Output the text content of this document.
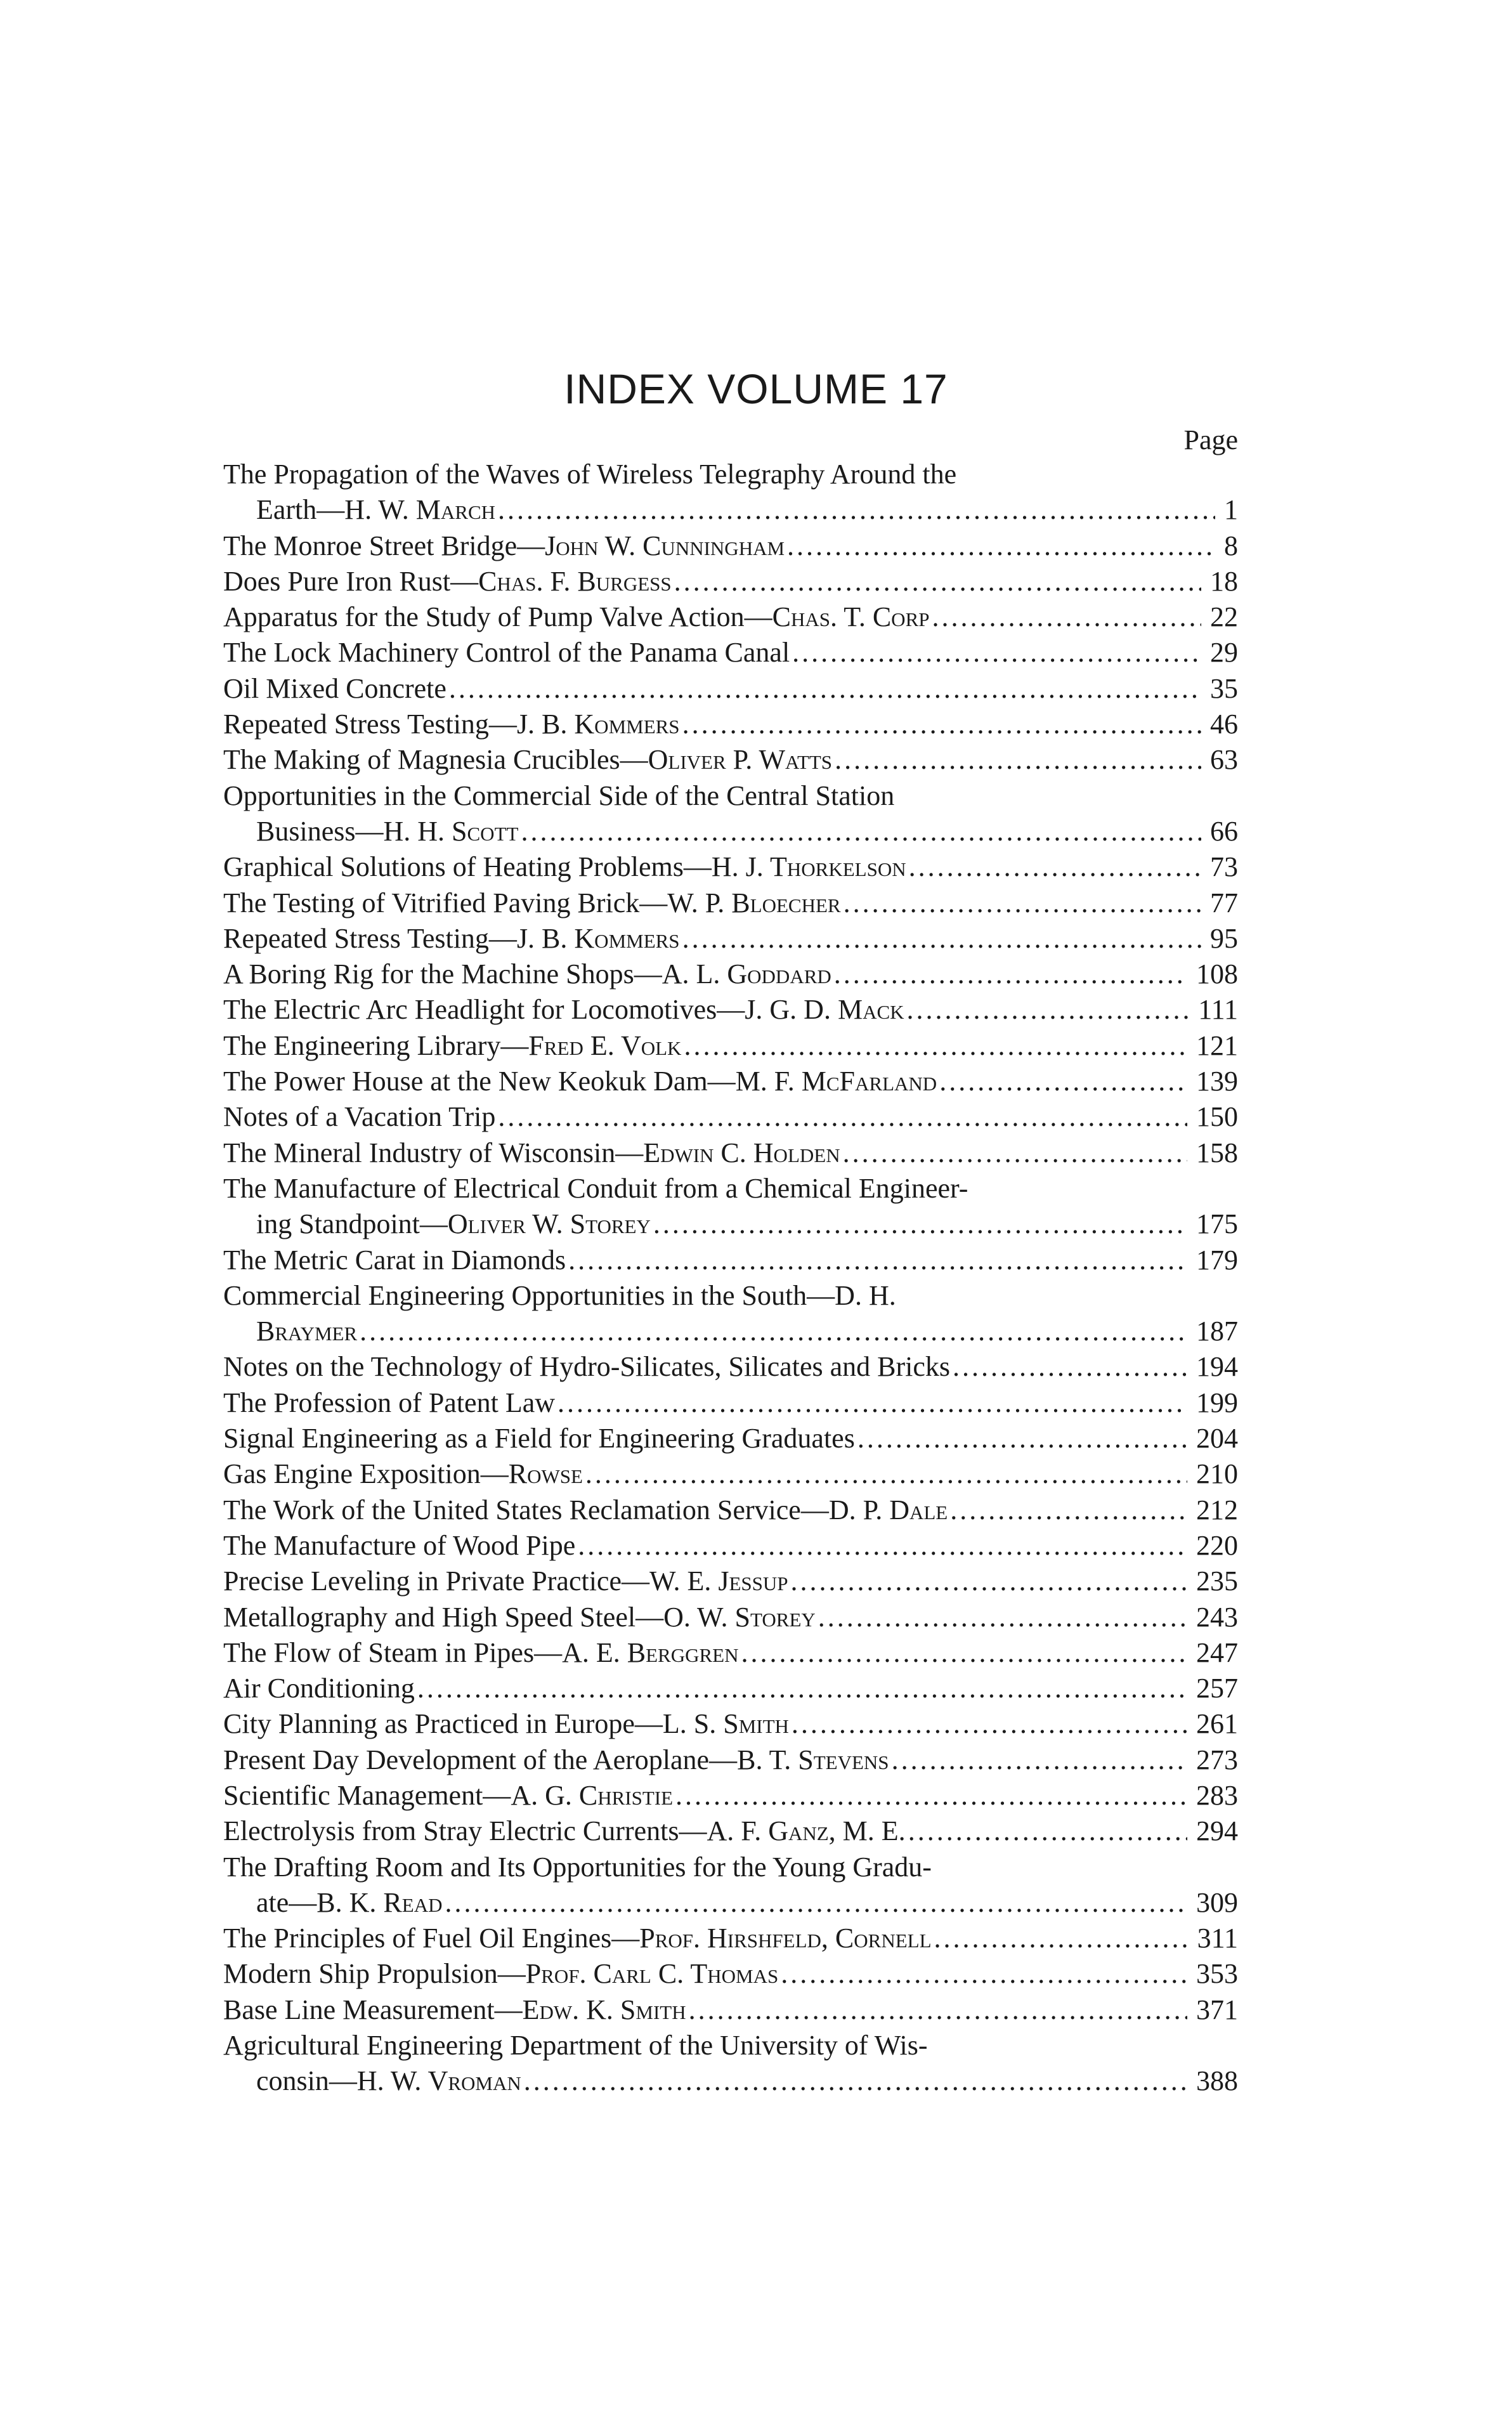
INDEX VOLUME 17
Page
The Propagation of the Waves of Wireless Telegraphy Around the
Earth— H. W. March .....	1
The Monroe Street Bridge— John W. Cunningham .....	8
Does Pure Iron Rust— Chas. F. Burgess .....	18
Apparatus for the Study of Pump Valve Action— Chas. T. Corp .....	22
The Lock Machinery Control of the Panama Canal .....	29
Oil Mixed Concrete .....	35
Repeated Stress Testing— J. B. Kommers .....	46
The Making of Magnesia Crucibles— Oliver P. Watts .....	63
Opportunities in the Commercial Side of the Central Station
Business— H. H. Scott .....	66
Graphical Solutions of Heating Problems— H. J. Thorkelson .....	73
The Testing of Vitrified Paving Brick— W. P. Bloecher .....	77
Repeated Stress Testing— J. B. Kommers .....	95
A Boring Rig for the Machine Shops— A. L. Goddard .....	108
The Electric Arc Headlight for Locomotives— J. G. D. Mack .....	111
The Engineering Library— Fred E. Volk .....	121
The Power House at the New Keokuk Dam— M. F. McFarland .....	139
Notes of a Vacation Trip .....	150
The Mineral Industry of Wisconsin— Edwin C. Holden .....	158
The Manufacture of Electrical Conduit from a Chemical Engineer-
ing Standpoint— Oliver W. Storey .....	175
The Metric Carat in Diamonds .....	179
Commercial Engineering Opportunities in the South—D. H.
Braymer .....	187
Notes on the Technology of Hydro-Silicates, Silicates and Bricks .....	194
The Profession of Patent Law .....	199
Signal Engineering as a Field for Engineering Graduates .....	204
Gas Engine Exposition— Rowse .....	210
The Work of the United States Reclamation Service— D. P. Dale .....	212
The Manufacture of Wood Pipe .....	220
Precise Leveling in Private Practice— W. E. Jessup .....	235
Metallography and High Speed Steel— O. W. Storey .....	243
The Flow of Steam in Pipes— A. E. Berggren .....	247
Air Conditioning .....	257
City Planning as Practiced in Europe— L. S. Smith .....	261
Present Day Development of the Aeroplane— B. T. Stevens .....	273
Scientific Management— A. G. Christie .....	283
Electrolysis from Stray Electric Currents— A. F. Ganz, M. E. .....	294
The Drafting Room and Its Opportunities for the Young Gradu-
ate— B. K. Read .....	309
The Principles of Fuel Oil Engines— Prof. Hirshfeld, Cornell .....	311
Modern Ship Propulsion— Prof. Carl C. Thomas .....	353
Base Line Measurement— Edw. K. Smith .....	371
Agricultural Engineering Department of the University of Wis-
consin— H. W. Vroman .....	388
